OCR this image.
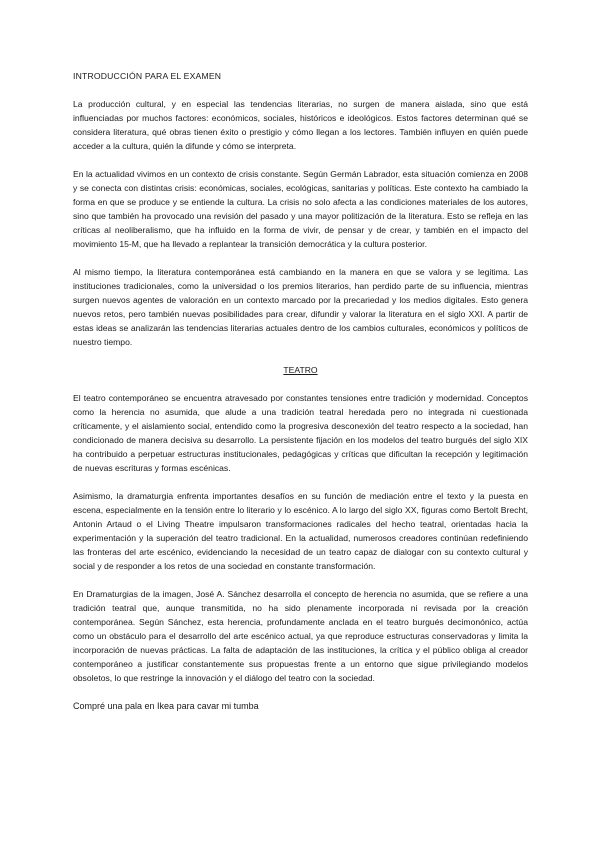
INTRODUCCIÓN PARA EL EXAMEN

La producción cultural, y en especial las tendencias literarias, no surgen de manera aislada, sino que está influenciadas por muchos factores: económicos, sociales, históricos e ideológicos. Estos factores determinan qué se considera literatura, qué obras tienen éxito o prestigio y cómo llegan a los lectores. También influyen en quién puede acceder a la cultura, quién la difunde y cómo se interpreta.

En la actualidad vivimos en un contexto de crisis constante. Según Germán Labrador, esta situación comienza en 2008 y se conecta con distintas crisis: económicas, sociales, ecológicas, sanitarias y políticas. Este contexto ha cambiado la forma en que se produce y se entiende la cultura. La crisis no solo afecta a las condiciones materiales de los autores, sino que también ha provocado una revisión del pasado y una mayor politización de la literatura. Esto se refleja en las críticas al neoliberalismo, que ha influido en la forma de vivir, de pensar y de crear, y también en el impacto del movimiento 15-M, que ha llevado a replantear la transición democrática y la cultura posterior.

Al mismo tiempo, la literatura contemporánea está cambiando en la manera en que se valora y se legitima. Las instituciones tradicionales, como la universidad o los premios literarios, han perdido parte de su influencia, mientras surgen nuevos agentes de valoración en un contexto marcado por la precariedad y los medios digitales. Esto genera nuevos retos, pero también nuevas posibilidades para crear, difundir y valorar la literatura en el siglo XXI. A partir de estas ideas se analizarán las tendencias literarias actuales dentro de los cambios culturales, económicos y políticos de nuestro tiempo.

TEATRO

El teatro contemporáneo se encuentra atravesado por constantes tensiones entre tradición y modernidad. Conceptos como la herencia no asumida, que alude a una tradición teatral heredada pero no integrada ni cuestionada críticamente, y el aislamiento social, entendido como la progresiva desconexión del teatro respecto a la sociedad, han condicionado de manera decisiva su desarrollo. La persistente fijación en los modelos del teatro burgués del siglo XIX ha contribuido a perpetuar estructuras institucionales, pedagógicas y críticas que dificultan la recepción y legitimación de nuevas escrituras y formas escénicas.

Asimismo, la dramaturgia enfrenta importantes desafíos en su función de mediación entre el texto y la puesta en escena, especialmente en la tensión entre lo literario y lo escénico. A lo largo del siglo XX, figuras como Bertolt Brecht, Antonin Artaud o el Living Theatre impulsaron transformaciones radicales del hecho teatral, orientadas hacia la experimentación y la superación del teatro tradicional. En la actualidad, numerosos creadores continúan redefiniendo las fronteras del arte escénico, evidenciando la necesidad de un teatro capaz de dialogar con su contexto cultural y social y de responder a los retos de una sociedad en constante transformación.

En Dramaturgias de la imagen, José A. Sánchez desarrolla el concepto de herencia no asumida, que se refiere a una tradición teatral que, aunque transmitida, no ha sido plenamente incorporada ni revisada por la creación contemporánea. Según Sánchez, esta herencia, profundamente anclada en el teatro burgués decimonónico, actúa como un obstáculo para el desarrollo del arte escénico actual, ya que reproduce estructuras conservadoras y limita la incorporación de nuevas prácticas. La falta de adaptación de las instituciones, la crítica y el público obliga al creador contemporáneo a justificar constantemente sus propuestas frente a un entorno que sigue privilegiando modelos obsoletos, lo que restringe la innovación y el diálogo del teatro con la sociedad.

Compré una pala en Ikea para cavar mi tumba
